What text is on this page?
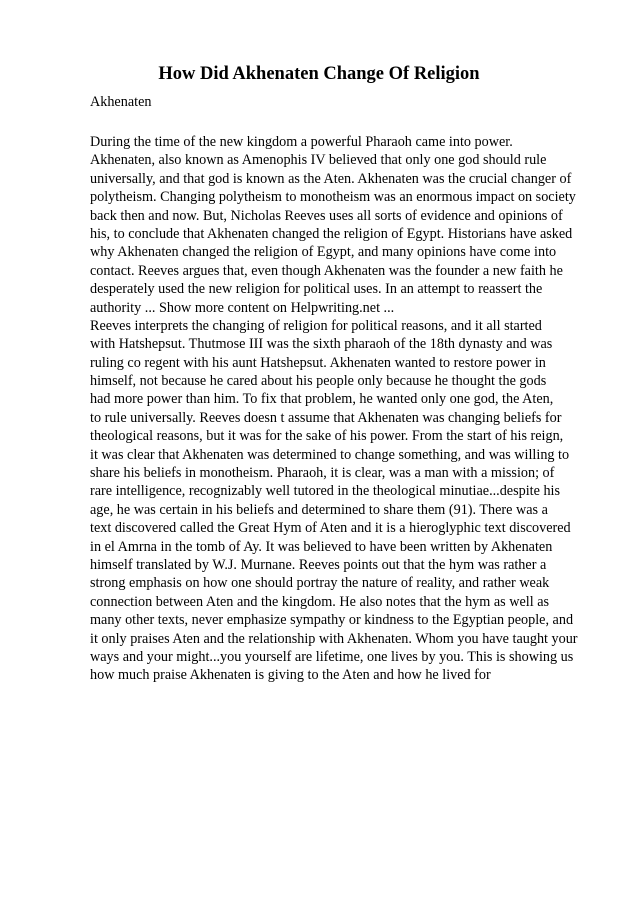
How Did Akhenaten Change Of Religion
Akhenaten
During the time of the new kingdom a powerful Pharaoh came into power.
Akhenaten, also known as Amenophis IV believed that only one god should rule
universally, and that god is known as the Aten. Akhenaten was the crucial changer of
polytheism. Changing polytheism to monotheism was an enormous impact on society
back then and now. But, Nicholas Reeves uses all sorts of evidence and opinions of
his, to conclude that Akhenaten changed the religion of Egypt. Historians have asked
why Akhenaten changed the religion of Egypt, and many opinions have come into
contact. Reeves argues that, even though Akhenaten was the founder a new faith he
desperately used the new religion for political uses. In an attempt to reassert the
authority ... Show more content on Helpwriting.net ...
Reeves interprets the changing of religion for political reasons, and it all started
with Hatshepsut. Thutmose III was the sixth pharaoh of the 18th dynasty and was
ruling co regent with his aunt Hatshepsut. Akhenaten wanted to restore power in
himself, not because he cared about his people only because he thought the gods
had more power than him. To fix that problem, he wanted only one god, the Aten,
to rule universally. Reeves doesn t assume that Akhenaten was changing beliefs for
theological reasons, but it was for the sake of his power. From the start of his reign,
it was clear that Akhenaten was determined to change something, and was willing to
share his beliefs in monotheism. Pharaoh, it is clear, was a man with a mission; of
rare intelligence, recognizably well tutored in the theological minutiae...despite his
age, he was certain in his beliefs and determined to share them (91). There was a
text discovered called the Great Hym of Aten and it is a hieroglyphic text discovered
in el Amrna in the tomb of Ay. It was believed to have been written by Akhenaten
himself translated by W.J. Murnane. Reeves points out that the hym was rather a
strong emphasis on how one should portray the nature of reality, and rather weak
connection between Aten and the kingdom. He also notes that the hym as well as
many other texts, never emphasize sympathy or kindness to the Egyptian people, and
it only praises Aten and the relationship with Akhenaten. Whom you have taught your
ways and your might...you yourself are lifetime, one lives by you. This is showing us
how much praise Akhenaten is giving to the Aten and how he lived for
